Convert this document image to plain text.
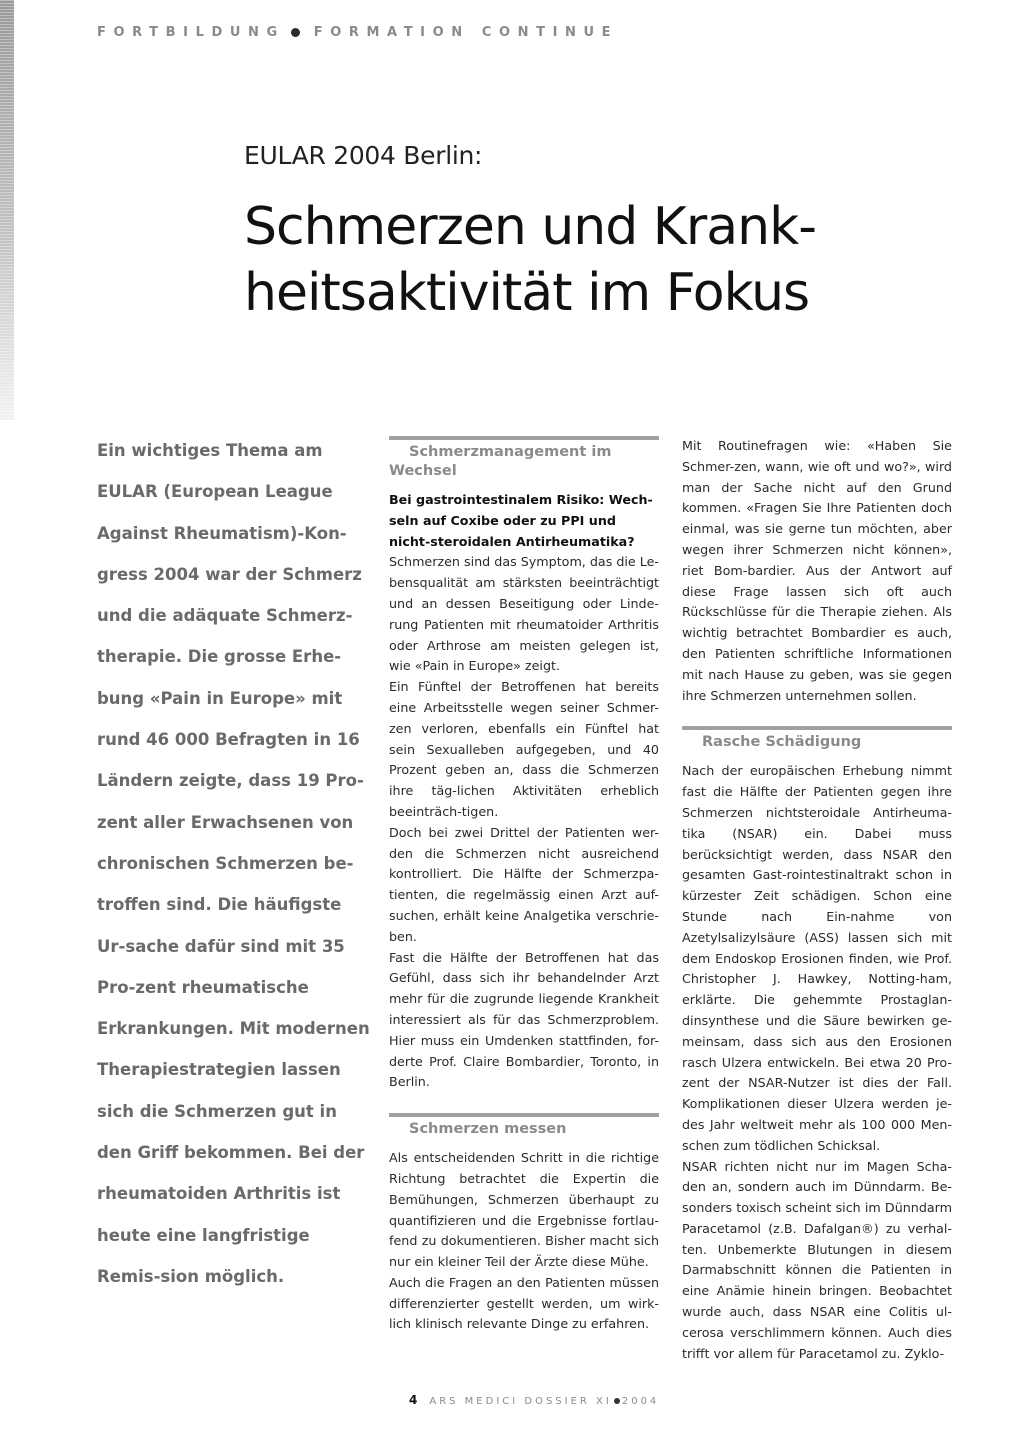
FORTBILDUNG FORMATION CONTINUE
EULAR 2004 Berlin:
Schmerzen und Krank-
heitsaktivität im Fokus

Ein wichtiges Thema am EULAR (European League Against Rheumatism)-Kon-gress 2004 war der Schmerz und die adäquate Schmerz-therapie. Die grosse Erhe-bung «Pain in Europe» mit rund 46 000 Befragten in 16 Ländern zeigte, dass 19 Pro-zent aller Erwachsenen von chronischen Schmerzen be-troffen sind. Die häufigste Ur-sache dafür sind mit 35 Pro-zent rheumatische Erkrankungen. Mit modernen Therapiestrategien lassen sich die Schmerzen gut in den Griff bekommen. Bei der rheumatoiden Arthritis ist heute eine langfristige Remis-sion möglich.

Schmerzmanagement im
Wechsel

Bei gastrointestinalem Risiko: Wech-seln auf Coxibe oder zu PPI und nicht-steroidalen Antirheumatika?

Schmerzen sind das Symptom, das die Le-bensqualität am stärksten beeinträchtigt und an dessen Beseitigung oder Linde-rung Patienten mit rheumatoider Arthritis oder Arthrose am meisten gelegen ist, wie «Pain in Europe» zeigt.

Ein Fünftel der Betroffenen hat bereits eine Arbeitsstelle wegen seiner Schmer-zen verloren, ebenfalls ein Fünftel hat sein Sexualleben aufgegeben, und 40 Prozent geben an, dass die Schmerzen ihre täg-lichen Aktivitäten erheblich beeinträch-tigen.

Doch bei zwei Drittel der Patienten wer-den die Schmerzen nicht ausreichend kontrolliert. Die Hälfte der Schmerzpa-tienten, die regelmässig einen Arzt auf-suchen, erhält keine Analgetika verschrie-ben.

Fast die Hälfte der Betroffenen hat das Gefühl, dass sich ihr behandelnder Arzt mehr für die zugrunde liegende Krankheit interessiert als für das Schmerzproblem. Hier muss ein Umdenken stattfinden, for-derte Prof. Claire Bombardier, Toronto, in Berlin.

Schmerzen messen

Als entscheidenden Schritt in die richtige Richtung betrachtet die Expertin die Bemühungen, Schmerzen überhaupt zu quantifizieren und die Ergebnisse fortlau-fend zu dokumentieren. Bisher macht sich nur ein kleiner Teil der Ärzte diese Mühe.

Auch die Fragen an den Patienten müssen differenzierter gestellt werden, um wirk-lich klinisch relevante Dinge zu erfahren.

Mit Routinefragen wie: «Haben Sie Schmer-zen, wann, wie oft und wo?», wird man der Sache nicht auf den Grund kommen. «Fragen Sie Ihre Patienten doch einmal, was sie gerne tun möchten, aber wegen ihrer Schmerzen nicht können», riet Bom-bardier. Aus der Antwort auf diese Frage lassen sich oft auch Rückschlüsse für die Therapie ziehen. Als wichtig betrachtet Bombardier es auch, den Patienten schriftliche Informationen mit nach Hause zu geben, was sie gegen ihre Schmerzen unternehmen sollen.

Rasche Schädigung

Nach der europäischen Erhebung nimmt fast die Hälfte der Patienten gegen ihre Schmerzen nichtsteroidale Antirheuma-tika (NSAR) ein. Dabei muss berücksichtigt werden, dass NSAR den gesamten Gast-rointestinaltrakt schon in kürzester Zeit schädigen. Schon eine Stunde nach Ein-nahme von Azetylsalizylsäure (ASS) lassen sich mit dem Endoskop Erosionen finden, wie Prof. Christopher J. Hawkey, Notting-ham, erklärte. Die gehemmte Prostaglan-dinsynthese und die Säure bewirken ge-meinsam, dass sich aus den Erosionen rasch Ulzera entwickeln. Bei etwa 20 Pro-zent der NSAR-Nutzer ist dies der Fall. Komplikationen dieser Ulzera werden je-des Jahr weltweit mehr als 100 000 Men-schen zum tödlichen Schicksal.

NSAR richten nicht nur im Magen Scha-den an, sondern auch im Dünndarm. Be-sonders toxisch scheint sich im Dünndarm Paracetamol (z.B. Dafalgan®) zu verhal-ten. Unbemerkte Blutungen in diesem Darmabschnitt können die Patienten in eine Anämie hinein bringen. Beobachtet wurde auch, dass NSAR eine Colitis ul-cerosa verschlimmern können. Auch dies trifft vor allem für Paracetamol zu. Zyklo-

4 ARS MEDICI DOSSIER XI 2004
